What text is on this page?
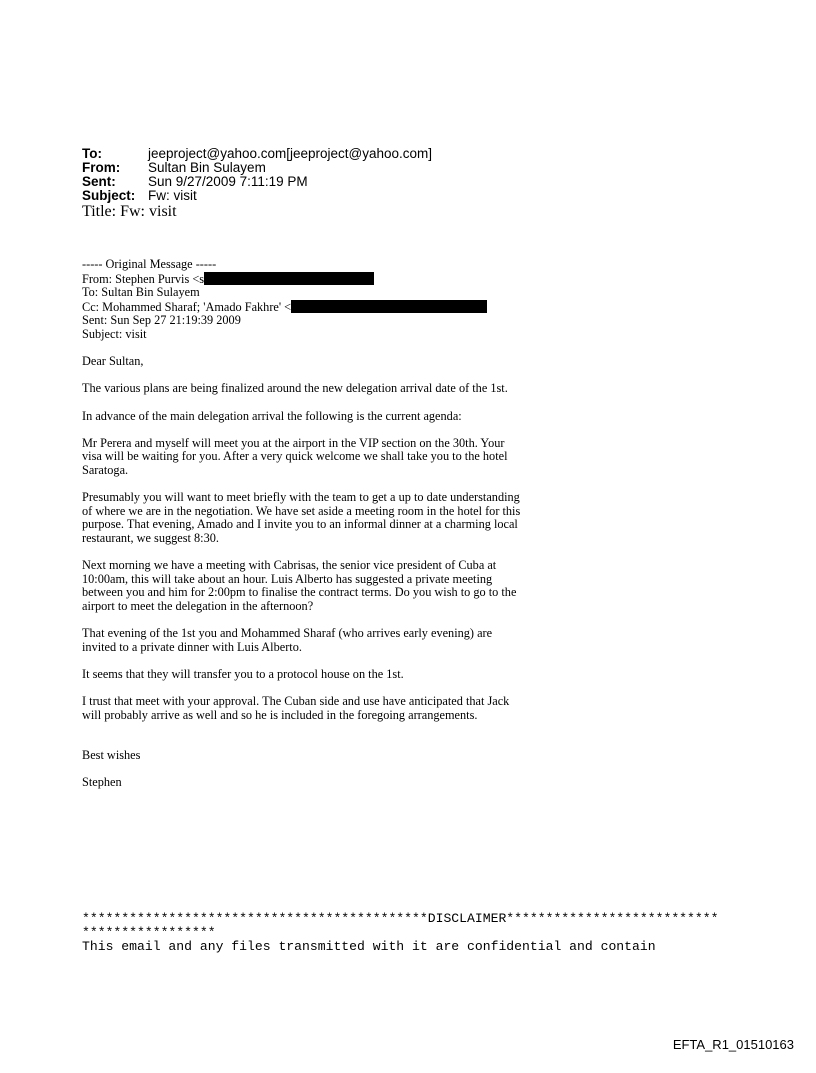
To:	jeeproject@yahoo.com[jeeproject@yahoo.com]
From:	Sultan Bin Sulayem
Sent:	Sun 9/27/2009 7:11:19 PM
Subject: Fw: visit
Title: Fw: visit
----- Original Message -----
From: Stephen Purvis <s
To: Sultan Bin Sulayem
Cc: Mohammed Sharaf; 'Amado Fakhre' <
Sent: Sun Sep 27 21:19:39 2009
Subject: visit

Dear Sultan,

The various plans are being finalized around the new delegation arrival date of the 1st.

In advance of the main delegation arrival the following is the current agenda:

Mr Perera and myself will meet you at the airport in the VIP section on the 30th. Your visa will be waiting for you. After a very quick welcome we shall take you to the hotel Saratoga.

Presumably you will want to meet briefly with the team to get a up to date understanding of where we are in the negotiation. We have set aside a meeting room in the hotel for this purpose. That evening, Amado and I invite you to an informal dinner at a charming local restaurant, we suggest 8:30.

Next morning we have a meeting with Cabrisas, the senior vice president of Cuba at 10:00am, this will take about an hour. Luis Alberto has suggested a private meeting between you and him for 2:00pm to finalise the contract terms. Do you wish to go to the airport to meet the delegation in the afternoon?

That evening of the 1st you and Mohammed Sharaf (who arrives early evening) are invited to a private dinner with Luis Alberto.

It seems that they will transfer you to a protocol house on the 1st.

I trust that meet with your approval. The Cuban side and use have anticipated that Jack will probably arrive as well and so he is included in the foregoing arrangements.

Best wishes

Stephen

********************************************DISCLAIMER***************************
*****************
This email and any files transmitted with it are confidential and contain
EFTA_R1_01510163
